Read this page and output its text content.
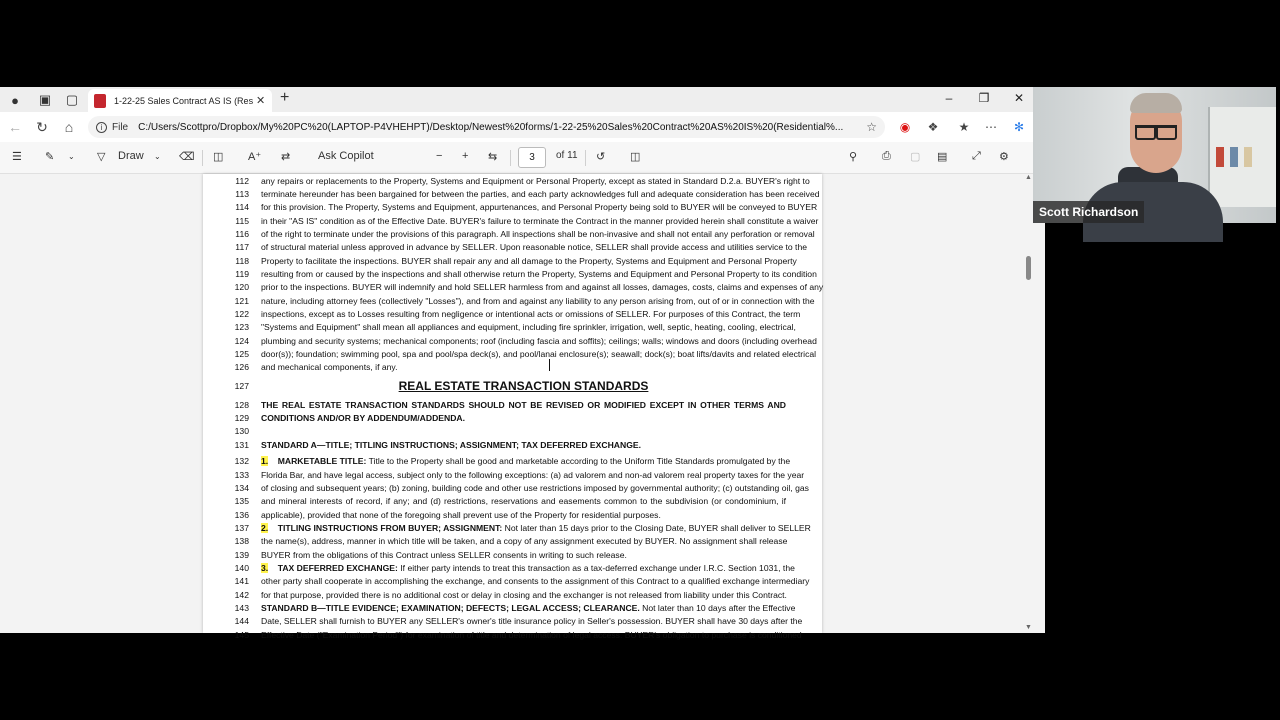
●	▣ ▢	1-22-25 Sales Contract AS IS (Res ✕ +	–	❐	✕
← ↻	⌂	i File C:/Users/Scottpro/Dropbox/My%20PC%20(LAPTOP-P4VHEHPT)/Desktop/Newest%20forms/1-22-25%20Sales%20Contract%20AS%20IS%20(Residential%...	☆ ◉ ❖ ★ ⋯ ✻
☰ ✎ ⌄ ▽ Draw ⌄ ⌫ ◫ A⁺ ⇄	Ask Copilot	− + ⇆	3	of 11 ↺ ◫	⚲ ⎙ ▢ ▤ ⤢ ⚙
112 any repairs or replacements to the Property, Systems and Equipment or Personal Property, except as stated in Standard D.2.a. BUYER's right to
113 terminate hereunder has been bargained for between the parties, and each party acknowledges full and adequate consideration has been received
114 for this provision. The Property, Systems and Equipment, appurtenances, and Personal Property being sold to BUYER will be conveyed to BUYER
115 in their "AS IS" condition as of the Effective Date. BUYER's failure to terminate the Contract in the manner provided herein shall constitute a waiver
116 of the right to terminate under the provisions of this paragraph. All inspections shall be non-invasive and shall not entail any perforation or removal
117 of structural material unless approved in advance by SELLER. Upon reasonable notice, SELLER shall provide access and utilities service to the
118 Property to facilitate the inspections. BUYER shall repair any and all damage to the Property, Systems and Equipment and Personal Property
119 resulting from or caused by the inspections and shall otherwise return the Property, Systems and Equipment and Personal Property to its condition
120 prior to the inspections. BUYER will indemnify and hold SELLER harmless from and against all losses, damages, costs, claims and expenses of any
121 nature, including attorney fees (collectively "Losses"), and from and against any liability to any person arising from, out of or in connection with the
122 inspections, except as to Losses resulting from negligence or intentional acts or omissions of SELLER. For purposes of this Contract, the term
123 "Systems and Equipment" shall mean all appliances and equipment, including fire sprinkler, irrigation, well, septic, heating, cooling, electrical,
124 plumbing and security systems; mechanical components; roof (including fascia and soffits); ceilings; walls; windows and doors (including overhead
125 door(s)); foundation; swimming pool, spa and pool/spa deck(s), and pool/lanai enclosure(s); seawall; dock(s); boat lifts/davits and related electrical
126 and mechanical components, if any.
127	REAL ESTATE TRANSACTION STANDARDS
128 THE REAL ESTATE TRANSACTION STANDARDS SHOULD NOT BE REVISED OR MODIFIED EXCEPT IN OTHER TERMS AND
129 CONDITIONS AND/OR BY ADDENDUM/ADDENDA.
130
131 STANDARD A—TITLE; TITLING INSTRUCTIONS; ASSIGNMENT; TAX DEFERRED EXCHANGE.
132 1. MARKETABLE TITLE: Title to the Property shall be good and marketable according to the Uniform Title Standards promulgated by the
133 Florida Bar, and have legal access, subject only to the following exceptions: (a) ad valorem and non-ad valorem real property taxes for the year
134 of closing and subsequent years; (b) zoning, building code and other use restrictions imposed by governmental authority; (c) outstanding oil, gas
135 and mineral interests of record, if any; and (d) restrictions, reservations and easements common to the subdivision (or condominium, if
136 applicable), provided that none of the foregoing shall prevent use of the Property for residential purposes.
137 2. TITLING INSTRUCTIONS FROM BUYER; ASSIGNMENT: Not later than 15 days prior to the Closing Date, BUYER shall deliver to SELLER
138 the name(s), address, manner in which title will be taken, and a copy of any assignment executed by BUYER. No assignment shall release
139 BUYER from the obligations of this Contract unless SELLER consents in writing to such release.
140 3. TAX DEFERRED EXCHANGE: If either party intends to treat this transaction as a tax-deferred exchange under I.R.C. Section 1031, the
141 other party shall cooperate in accomplishing the exchange, and consents to the assignment of this Contract to a qualified exchange intermediary
142 for that purpose, provided there is no additional cost or delay in closing and the exchanger is not released from liability under this Contract.
143 STANDARD B—TITLE EVIDENCE; EXAMINATION; DEFECTS; LEGAL ACCESS; CLEARANCE. Not later than 10 days after the Effective
144 Date, SELLER shall furnish to BUYER any SELLER's owner's title insurance policy in Seller's possession. BUYER shall have 30 days after the
145 Effective Date ("Examination Period") for examination of title and determination of legal access. BUYER's obligation to purchase is conditioned
▲
▼
Scott Richardson
